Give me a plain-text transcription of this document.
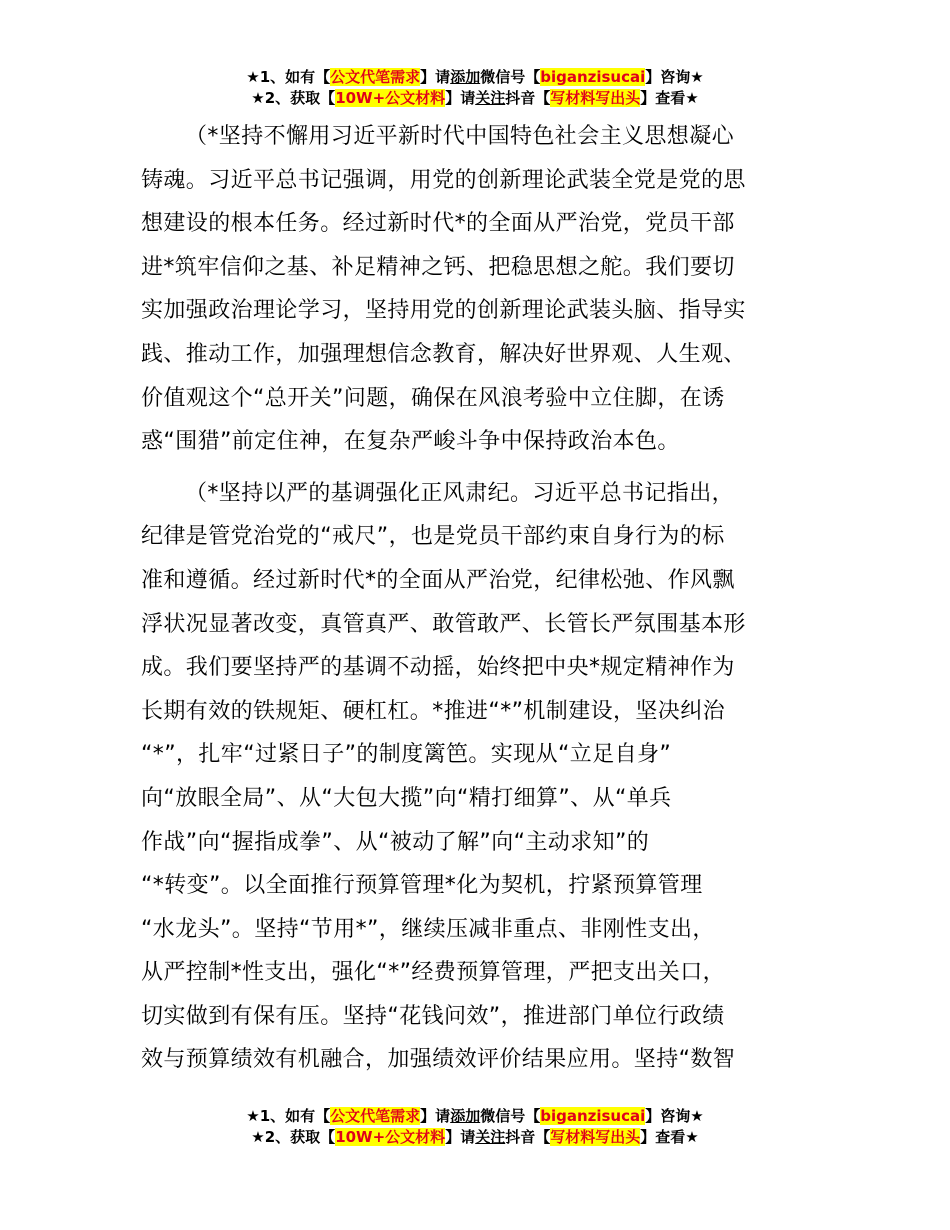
★1、如有【公文代笔需求】请添加微信号【biganzisucai】咨询★
★2、获取【10W+公文材料】请关注抖音【写材料写出头】查看★
（*坚持不懈用习近平新时代中国特色社会主义思想凝心
铸魂。习近平总书记强调，用党的创新理论武装全党是党的思
想建设的根本任务。经过新时代*的全面从严治党，党员干部
进*筑牢信仰之基、补足精神之钙、把稳思想之舵。我们要切
实加强政治理论学习，坚持用党的创新理论武装头脑、指导实
践、推动工作，加强理想信念教育，解决好世界观、人生观、
价值观这个“总开关”问题，确保在风浪考验中立住脚，在诱
惑“围猎”前定住神，在复杂严峻斗争中保持政治本色。
（*坚持以严的基调强化正风肃纪。习近平总书记指出，
纪律是管党治党的“戒尺”，也是党员干部约束自身行为的标
准和遵循。经过新时代*的全面从严治党，纪律松弛、作风飘
浮状况显著改变，真管真严、敢管敢严、长管长严氛围基本形
成。我们要坚持严的基调不动摇，始终把中央*规定精神作为
长期有效的铁规矩、硬杠杠。*推进“*”机制建设，坚决纠治
“*”，扎牢“过紧日子”的制度篱笆。实现从“立足自身”
向“放眼全局”、从“大包大揽”向“精打细算”、从“单兵
作战”向“握指成拳”、从“被动了解”向“主动求知”的
“*转变”。以全面推行预算管理*化为契机，拧紧预算管理
“水龙头”。坚持“节用*”，继续压减非重点、非刚性支出，
从严控制*性支出，强化“*”经费预算管理，严把支出关口，
切实做到有保有压。坚持“花钱问效”，推进部门单位行政绩
效与预算绩效有机融合，加强绩效评价结果应用。坚持“数智
★1、如有【公文代笔需求】请添加微信号【biganzisucai】咨询★
★2、获取【10W+公文材料】请关注抖音【写材料写出头】查看★
